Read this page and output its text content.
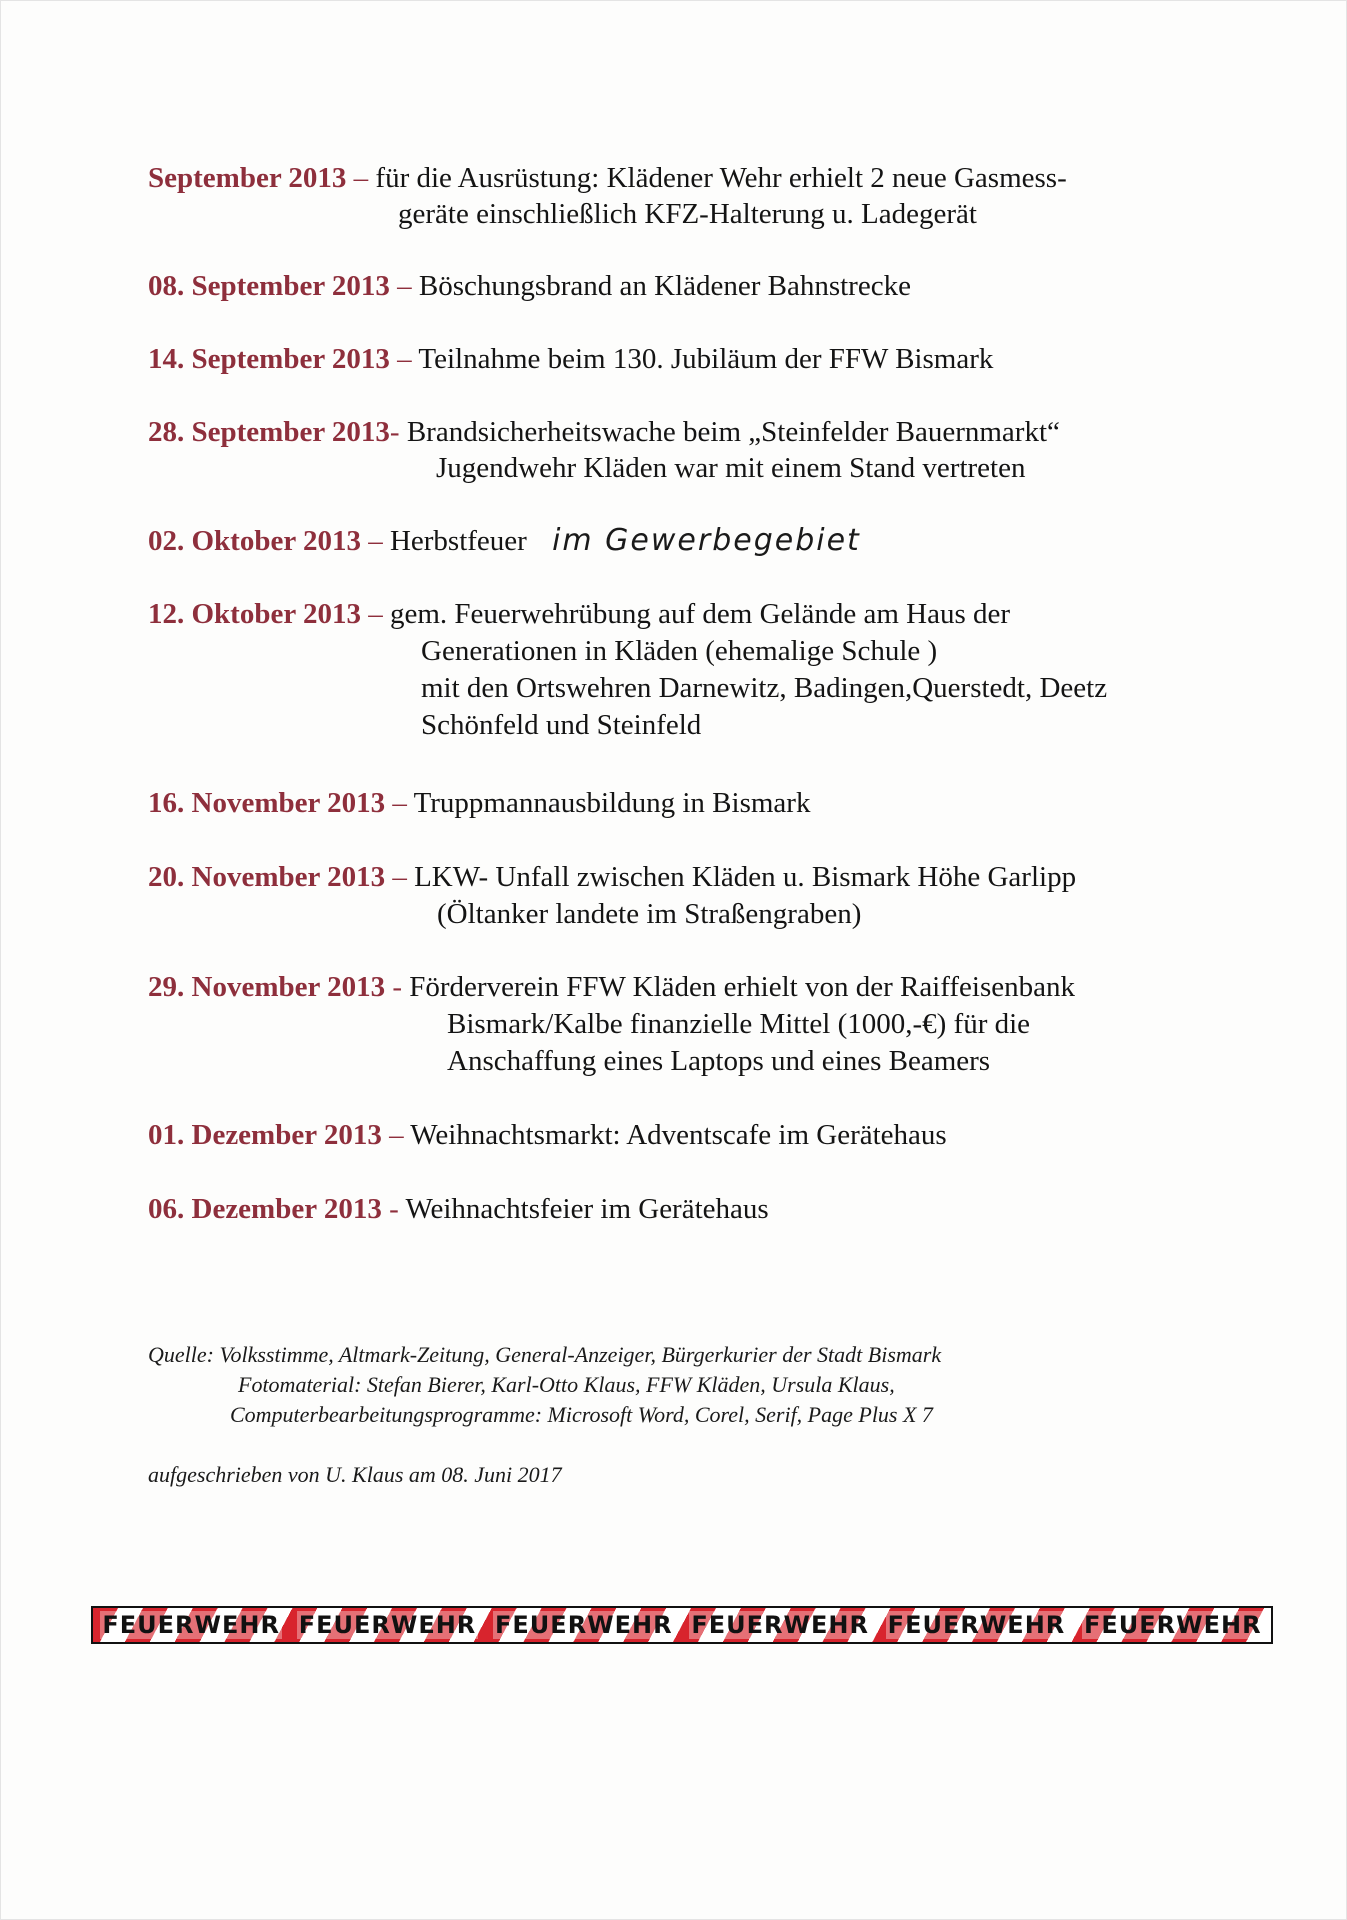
September 2013 – für die Ausrüstung: Klädener Wehr erhielt 2 neue Gasmess-
geräte einschließlich KFZ-Halterung u. Ladegerät
08. September 2013 – Böschungsbrand an Klädener Bahnstrecke
14. September 2013 – Teilnahme beim 130. Jubiläum der FFW Bismark
28. September 2013- Brandsicherheitswache beim „Steinfelder Bauernmarkt“
Jugendwehr Kläden war mit einem Stand vertreten
02. Oktober 2013 – Herbstfeuer im Gewerbegebiet
12. Oktober 2013 – gem. Feuerwehrübung auf dem Gelände am Haus der
Generationen in Kläden (ehemalige Schule )
mit den Ortswehren Darnewitz, Badingen,Querstedt, Deetz
Schönfeld und Steinfeld
16. November 2013 – Truppmannausbildung in Bismark
20. November 2013 – LKW- Unfall zwischen Kläden u. Bismark Höhe Garlipp
(Öltanker landete im Straßengraben)
29. November 2013 - Förderverein FFW Kläden erhielt von der Raiffeisenbank
Bismark/Kalbe finanzielle Mittel (1000,-€) für die
Anschaffung eines Laptops und eines Beamers
01. Dezember 2013 – Weihnachtsmarkt: Adventscafe im Gerätehaus
06. Dezember 2013 - Weihnachtsfeier im Gerätehaus
Quelle: Volksstimme, Altmark-Zeitung, General-Anzeiger, Bürgerkurier der Stadt Bismark
Fotomaterial: Stefan Bierer, Karl-Otto Klaus, FFW Kläden, Ursula Klaus,
Computerbearbeitungsprogramme: Microsoft Word, Corel, Serif, Page Plus X 7
aufgeschrieben von U. Klaus am 08. Juni 2017
FEUERWEHR FEUERWEHR FEUERWEHR FEUERWEHR FEUERWEHR FEUERWEHR
